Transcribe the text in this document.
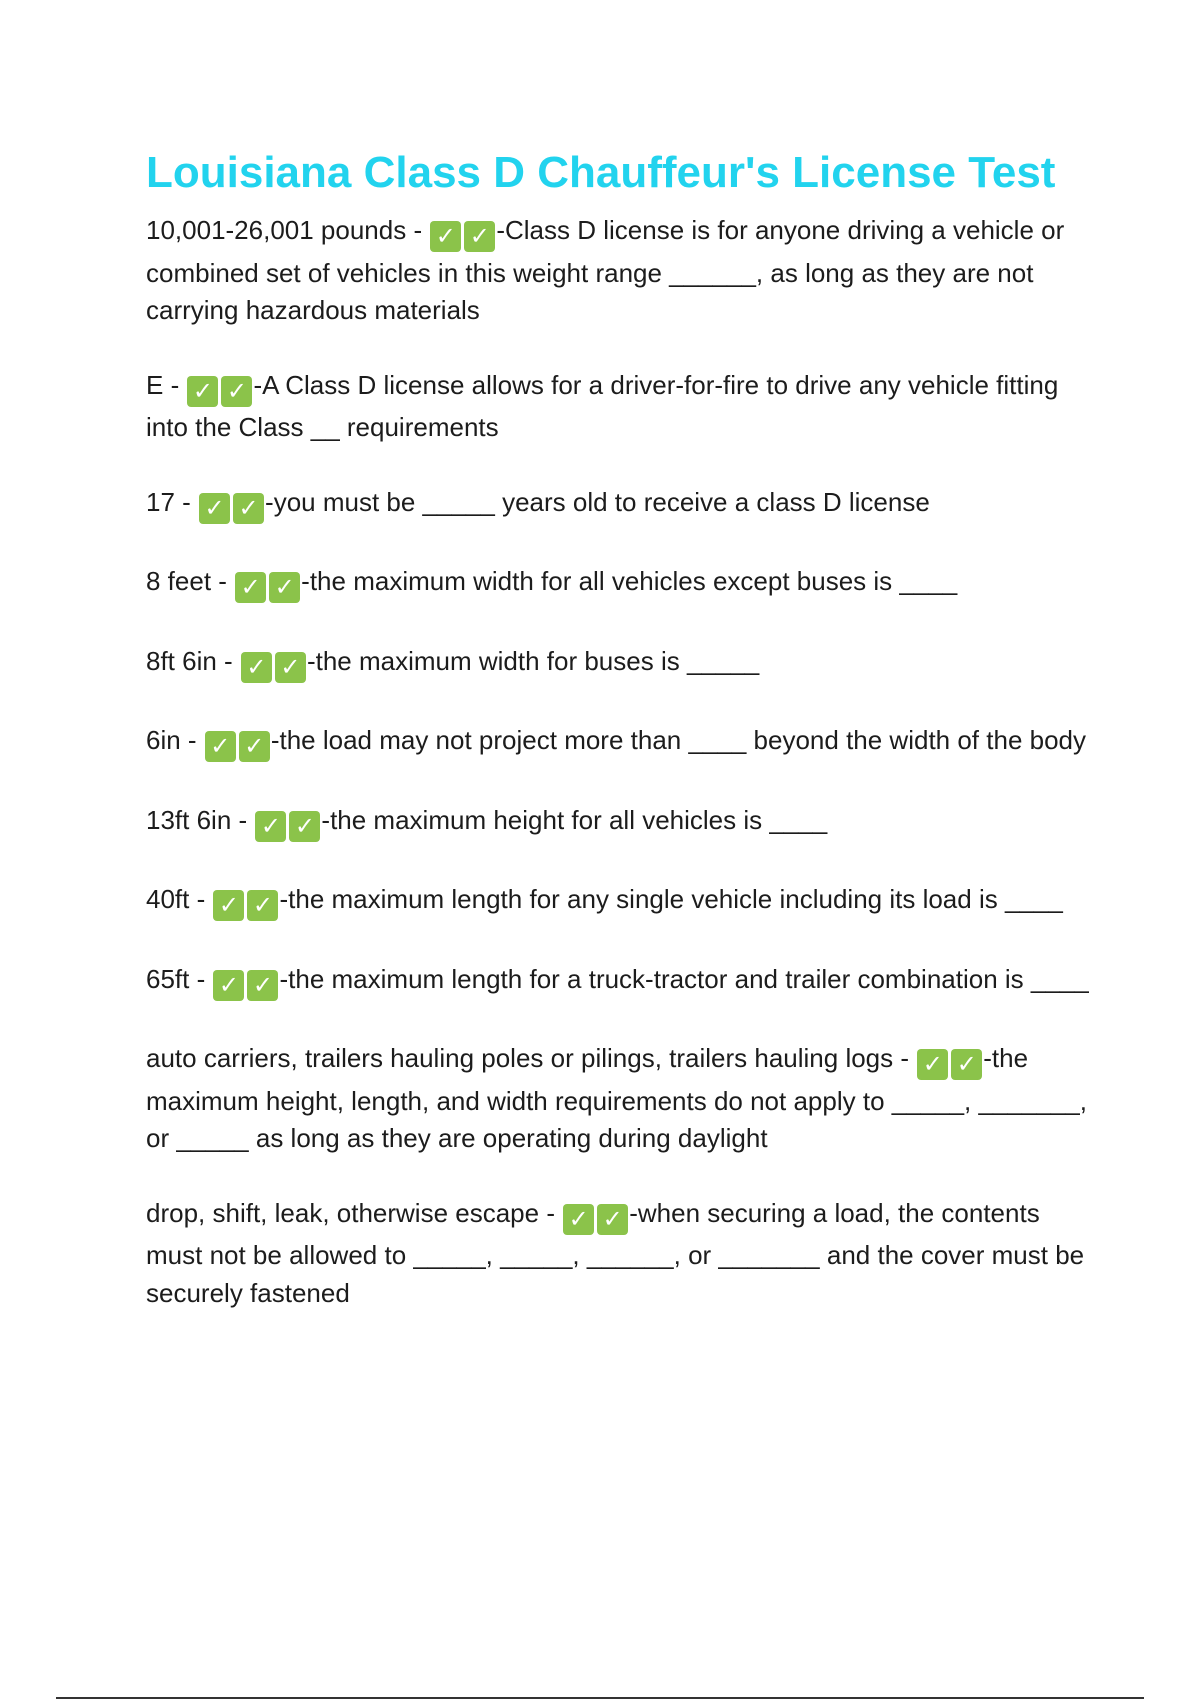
Louisiana Class D Chauffeur's License Test

10,001-26,001 pounds - ✓ ✓ -Class D license is for anyone driving a vehicle or combined set of vehicles in this weight range ______, as long as they are not carrying hazardous materials

E - ✓ ✓ -A Class D license allows for a driver-for-fire to drive any vehicle fitting into the Class __ requirements

17 - ✓ ✓ -you must be _____ years old to receive a class D license

8 feet - ✓ ✓ -the maximum width for all vehicles except buses is ____

8ft 6in - ✓ ✓ -the maximum width for buses is _____

6in - ✓ ✓ -the load may not project more than ____ beyond the width of the body

13ft 6in - ✓ ✓ -the maximum height for all vehicles is ____

40ft - ✓ ✓ -the maximum length for any single vehicle including its load is ____

65ft - ✓ ✓ -the maximum length for a truck-tractor and trailer combination is ____

auto carriers, trailers hauling poles or pilings, trailers hauling logs - ✓ ✓ -the maximum height, length, and width requirements do not apply to _____, _______, or _____ as long as they are operating during daylight

drop, shift, leak, otherwise escape - ✓ ✓ -when securing a load, the contents must not be allowed to _____, _____, ______, or _______ and the cover must be securely fastened
